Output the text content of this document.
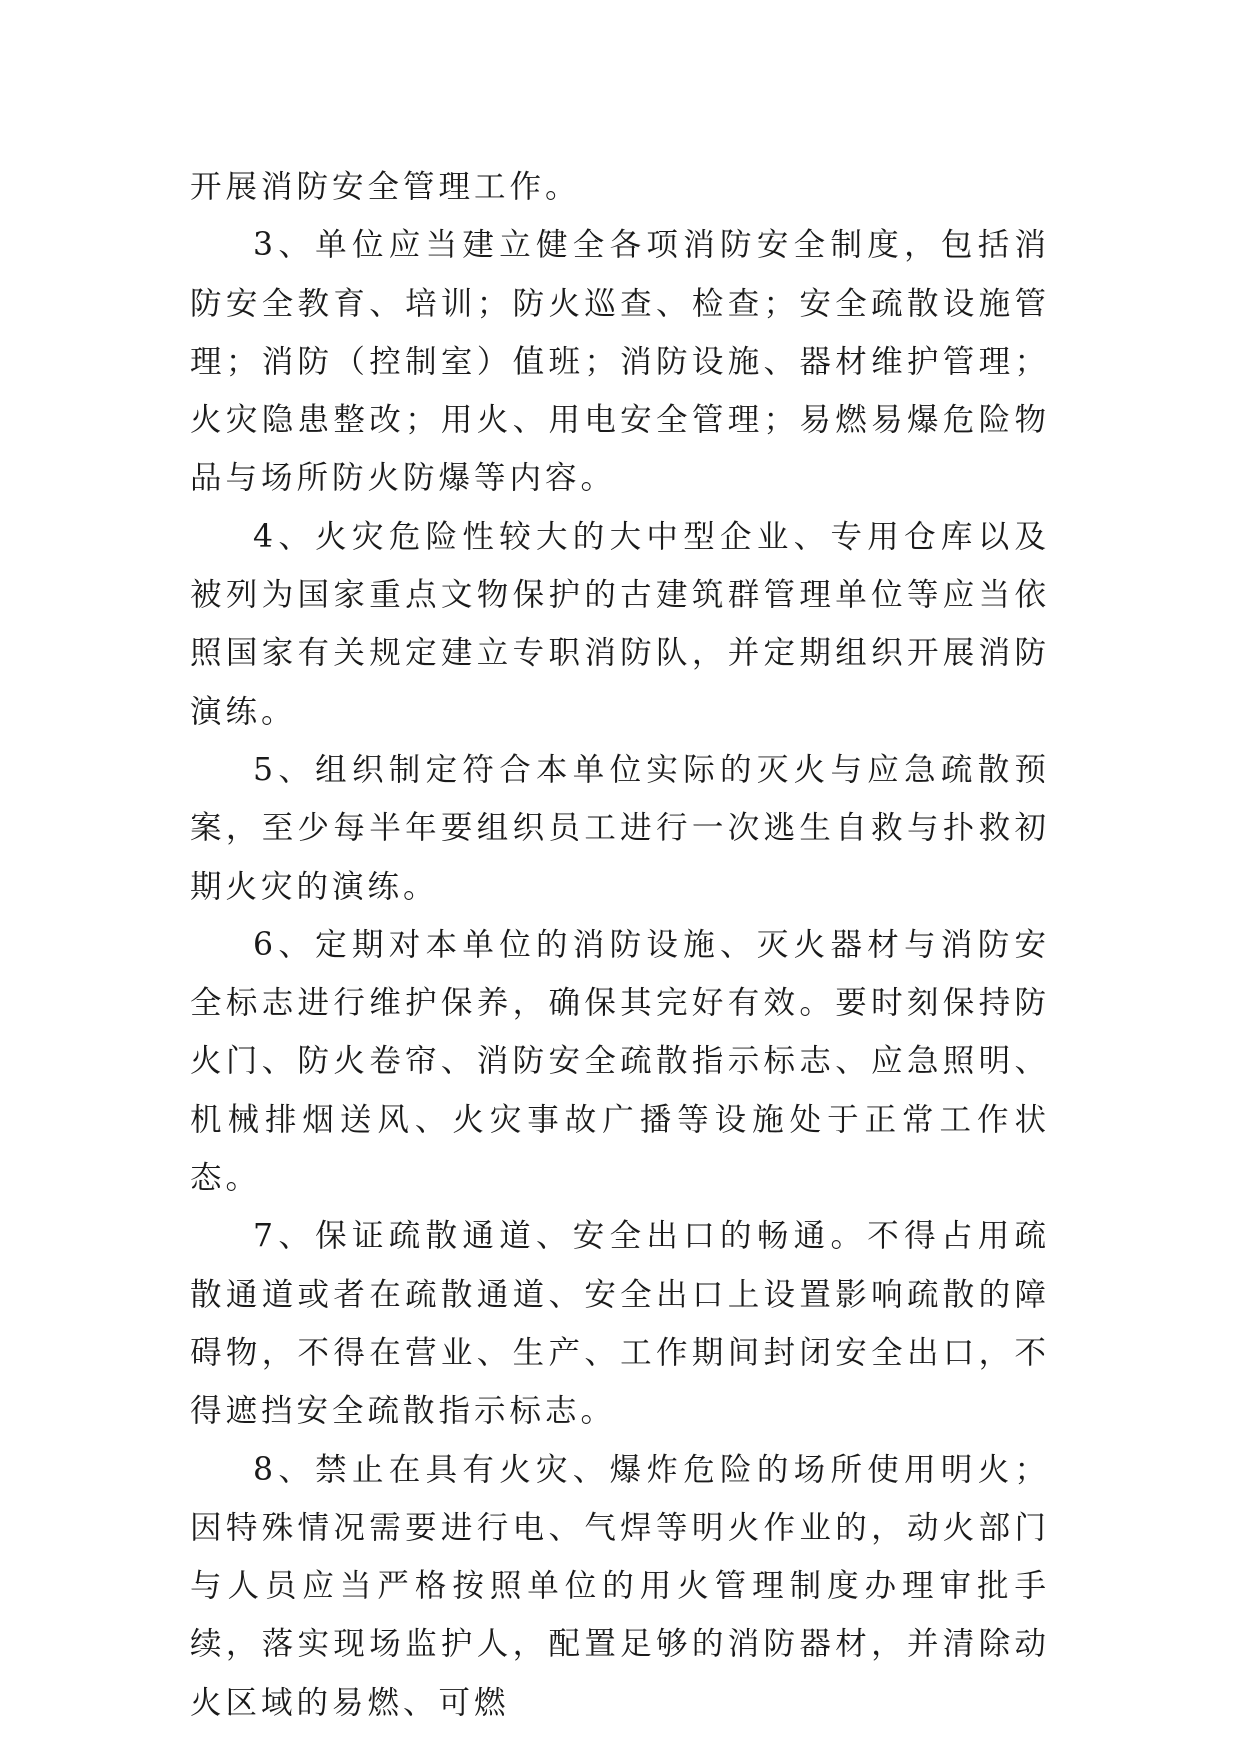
开展消防安全管理工作。

3、单位应当建立健全各项消防安全制度，包括消防安全教育、培训；防火巡查、检查；安全疏散设施管理；消防（控制室）值班；消防设施、器材维护管理；火灾隐患整改；用火、用电安全管理；易燃易爆危险物品与场所防火防爆等内容。

4、火灾危险性较大的大中型企业、专用仓库以及被列为国家重点文物保护的古建筑群管理单位等应当依照国家有关规定建立专职消防队，并定期组织开展消防演练。

5、组织制定符合本单位实际的灭火与应急疏散预案，至少每半年要组织员工进行一次逃生自救与扑救初期火灾的演练。

6、定期对本单位的消防设施、灭火器材与消防安全标志进行维护保养，确保其完好有效。要时刻保持防火门、防火卷帘、消防安全疏散指示标志、应急照明、机械排烟送风、火灾事故广播等设施处于正常工作状态。

7、保证疏散通道、安全出口的畅通。不得占用疏散通道或者在疏散通道、安全出口上设置影响疏散的障碍物，不得在营业、生产、工作期间封闭安全出口，不得遮挡安全疏散指示标志。

8、禁止在具有火灾、爆炸危险的场所使用明火；因特殊情况需要进行电、气焊等明火作业的，动火部门与人员应当严格按照单位的用火管理制度办理审批手续，落实现场监护人，配置足够的消防器材，并清除动火区域的易燃、可燃
